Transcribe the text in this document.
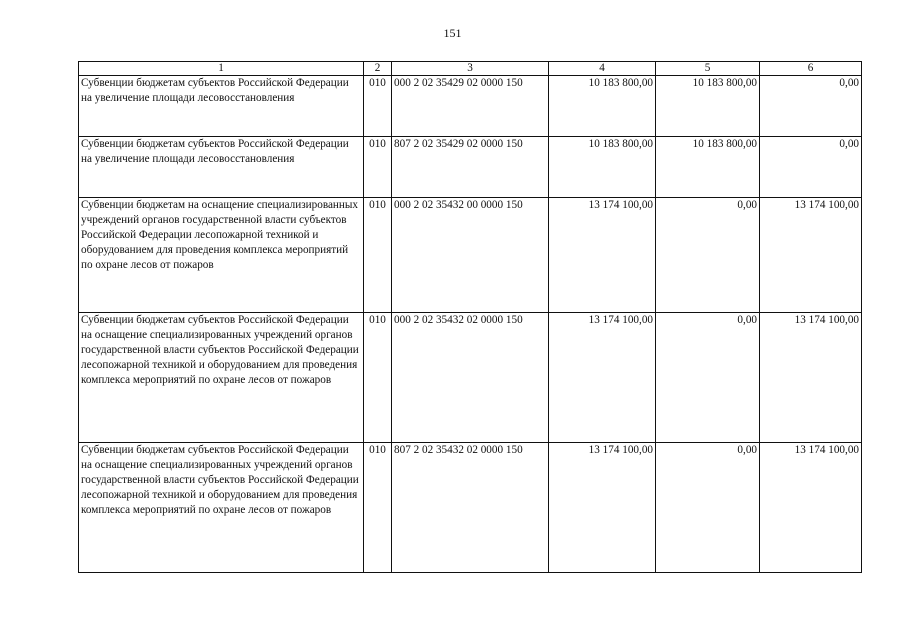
151
1	2	3	4	5	6
Субвенции бюджетам субъектов Российской Федерации на увеличение площади лесовосстановления	010	000 2 02 35429 02 0000 150	10 183 800,00	10 183 800,00	0,00
Субвенции бюджетам субъектов Российской Федерации на увеличение площади лесовосстановления	010	807 2 02 35429 02 0000 150	10 183 800,00	10 183 800,00	0,00
Субвенции бюджетам на оснащение специализированных учреждений органов государственной власти субъектов Российской Федерации лесопожарной техникой и оборудованием для проведения комплекса мероприятий по охране лесов от пожаров	010	000 2 02 35432 00 0000 150	13 174 100,00	0,00	13 174 100,00
Субвенции бюджетам субъектов Российской Федерации на оснащение специализированных учреждений органов государственной власти субъектов Российской Федерации лесопожарной техникой и оборудованием для проведения комплекса мероприятий по охране лесов от пожаров	010	000 2 02 35432 02 0000 150	13 174 100,00	0,00	13 174 100,00
Субвенции бюджетам субъектов Российской Федерации на оснащение специализированных учреждений органов государственной власти субъектов Российской Федерации лесопожарной техникой и оборудованием для проведения комплекса мероприятий по охране лесов от пожаров	010	807 2 02 35432 02 0000 150	13 174 100,00	0,00	13 174 100,00
